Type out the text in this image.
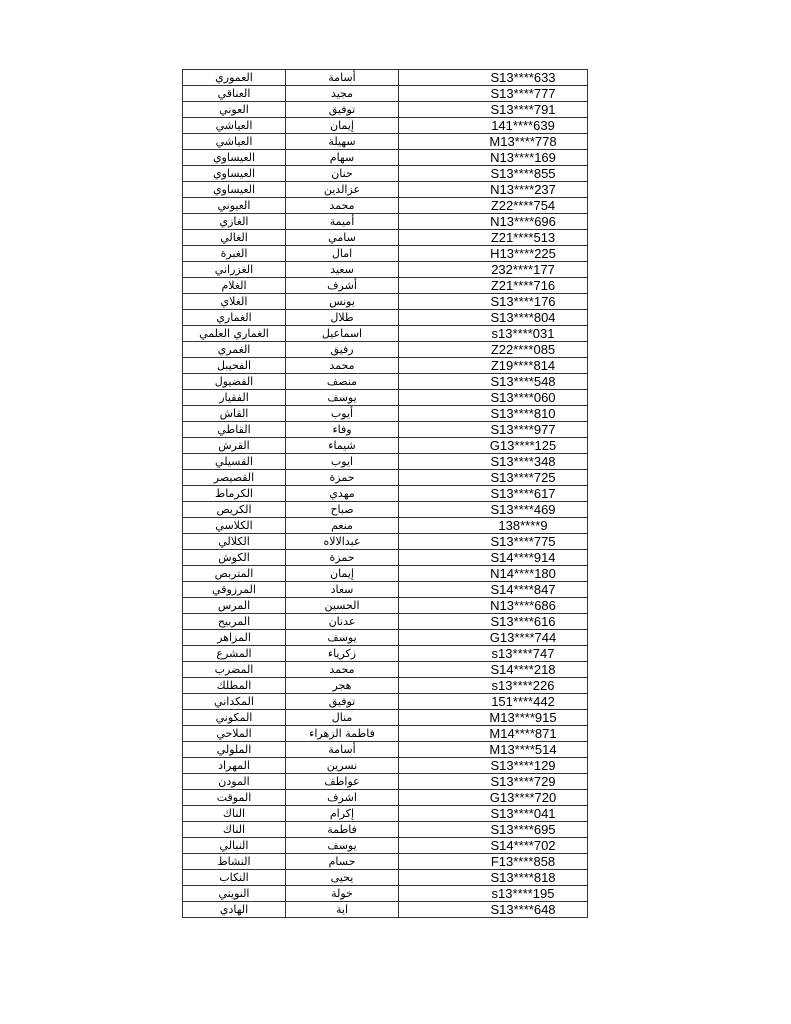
العموري	أسامة	S13****633
العناقي	مجيد	S13****777
العوني	توفيق	S13****791
العياشي	إيمان	141****639
العياشي	سهيلة	M13****778
العيساوي	سهام	N13****169
العيساوي	حنان	S13****855
العيساوي	عزالدين	N13****237
العيوني	محمد	Z22****754
الغازي	أميمة	N13****696
الغالي	سامي	Z21****513
الغبرة	امال	H13****225
الغزراني	سعيد	232****177
الغلام	أشرف	Z21****716
الغلاي	يونس	S13****176
الغماري	طلال	S13****804
الغماري العلمي	اسماعيل	s13****031
الغمري	رفيق	Z22****085
الفحيبل	محمد	Z19****814
الفضيول	منصف	S13****548
الفقيار	يوسف	S13****060
القاش	أيوب	S13****810
القاطي	وفاء	S13****977
القرش	شيماء	G13****125
القسيلي	ايوب	S13****348
القصيصر	حمزة	S13****725
الكرماط	مهدي	S13****617
الكريص	صباح	S13****469
الكلاسي	منعم	138****9
الكلالي	عبدالالاه	S13****775
الكوش	حمزة	S14****914
المتربص	إيمان	N14****180
المرزوقي	سعاد	S14****847
المرس	الحسين	N13****686
المربيح	عدنان	S13****616
المزاهر	يوسف	G13****744
المشرع	زكرياء	s13****747
المضرب	محمد	S14****218
المطلك	هجر	s13****226
المكداني	توفيق	151****442
المكوني	منال	M13****915
الملاحي	فاطمة الزهراء	M14****871
الملولي	أسامة	M13****514
المهراد	نسرين	S13****129
المودن	عواطف	S13****729
الموقت	اشرف	G13****720
الناك	إكرام	S13****041
الناك	فاطمة	S13****695
النبالي	يوسف	S14****702
النشاط	حسام	F13****858
النكاب	يحيى	S13****818
النويني	خولة	s13****195
الهادي	اية	S13****648
